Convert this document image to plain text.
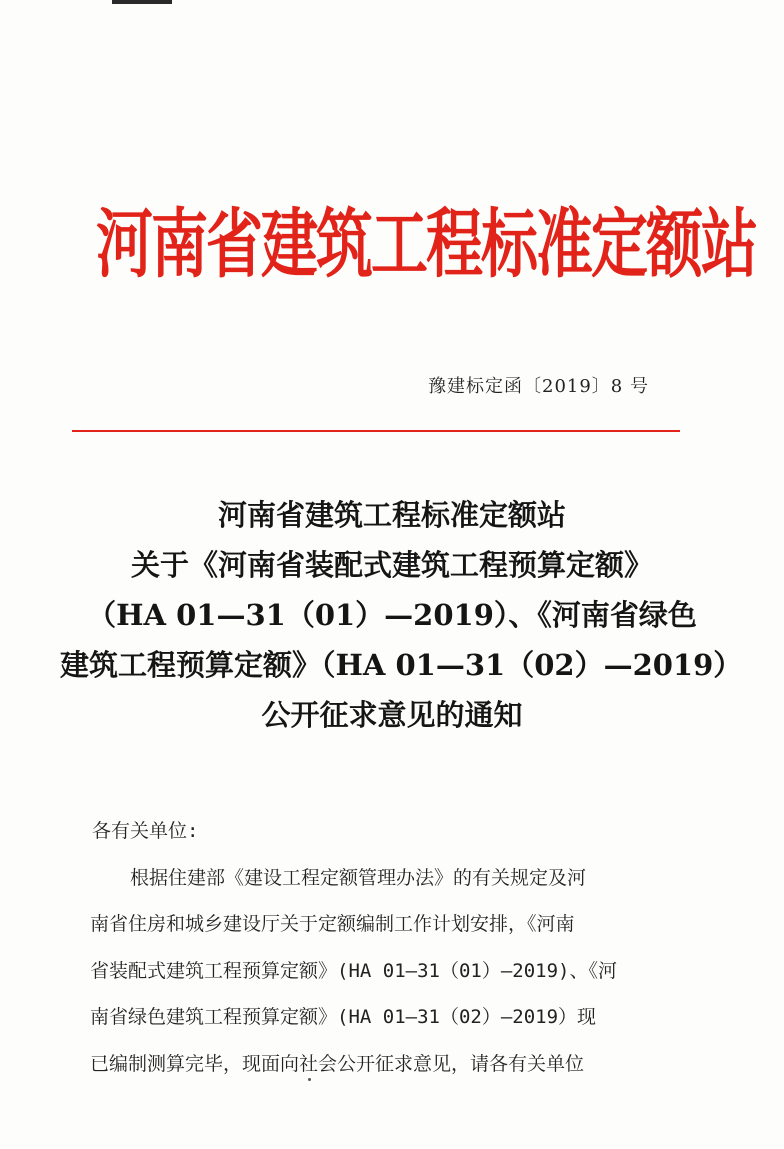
河南省建筑工程标准定额站
豫建标定函〔2019〕8 号
河南省建筑工程标准定额站
关于《河南省装配式建筑工程预算定额》
（HA 01—31（01）—2019）、《河南省绿色
建筑工程预算定额》（HA 01—31（02）—2019）
公开征求意见的通知
各有关单位:
根据住建部《建设工程定额管理办法》的有关规定及河
南省住房和城乡建设厅关于定额编制工作计划安排，《河南
省装配式建筑工程预算定额》(HA 01—31（01）—2019)、《河
南省绿色建筑工程预算定额》(HA 01—31（02）—2019）现
已编制测算完毕，现面向社会公开征求意见，请各有关单位
